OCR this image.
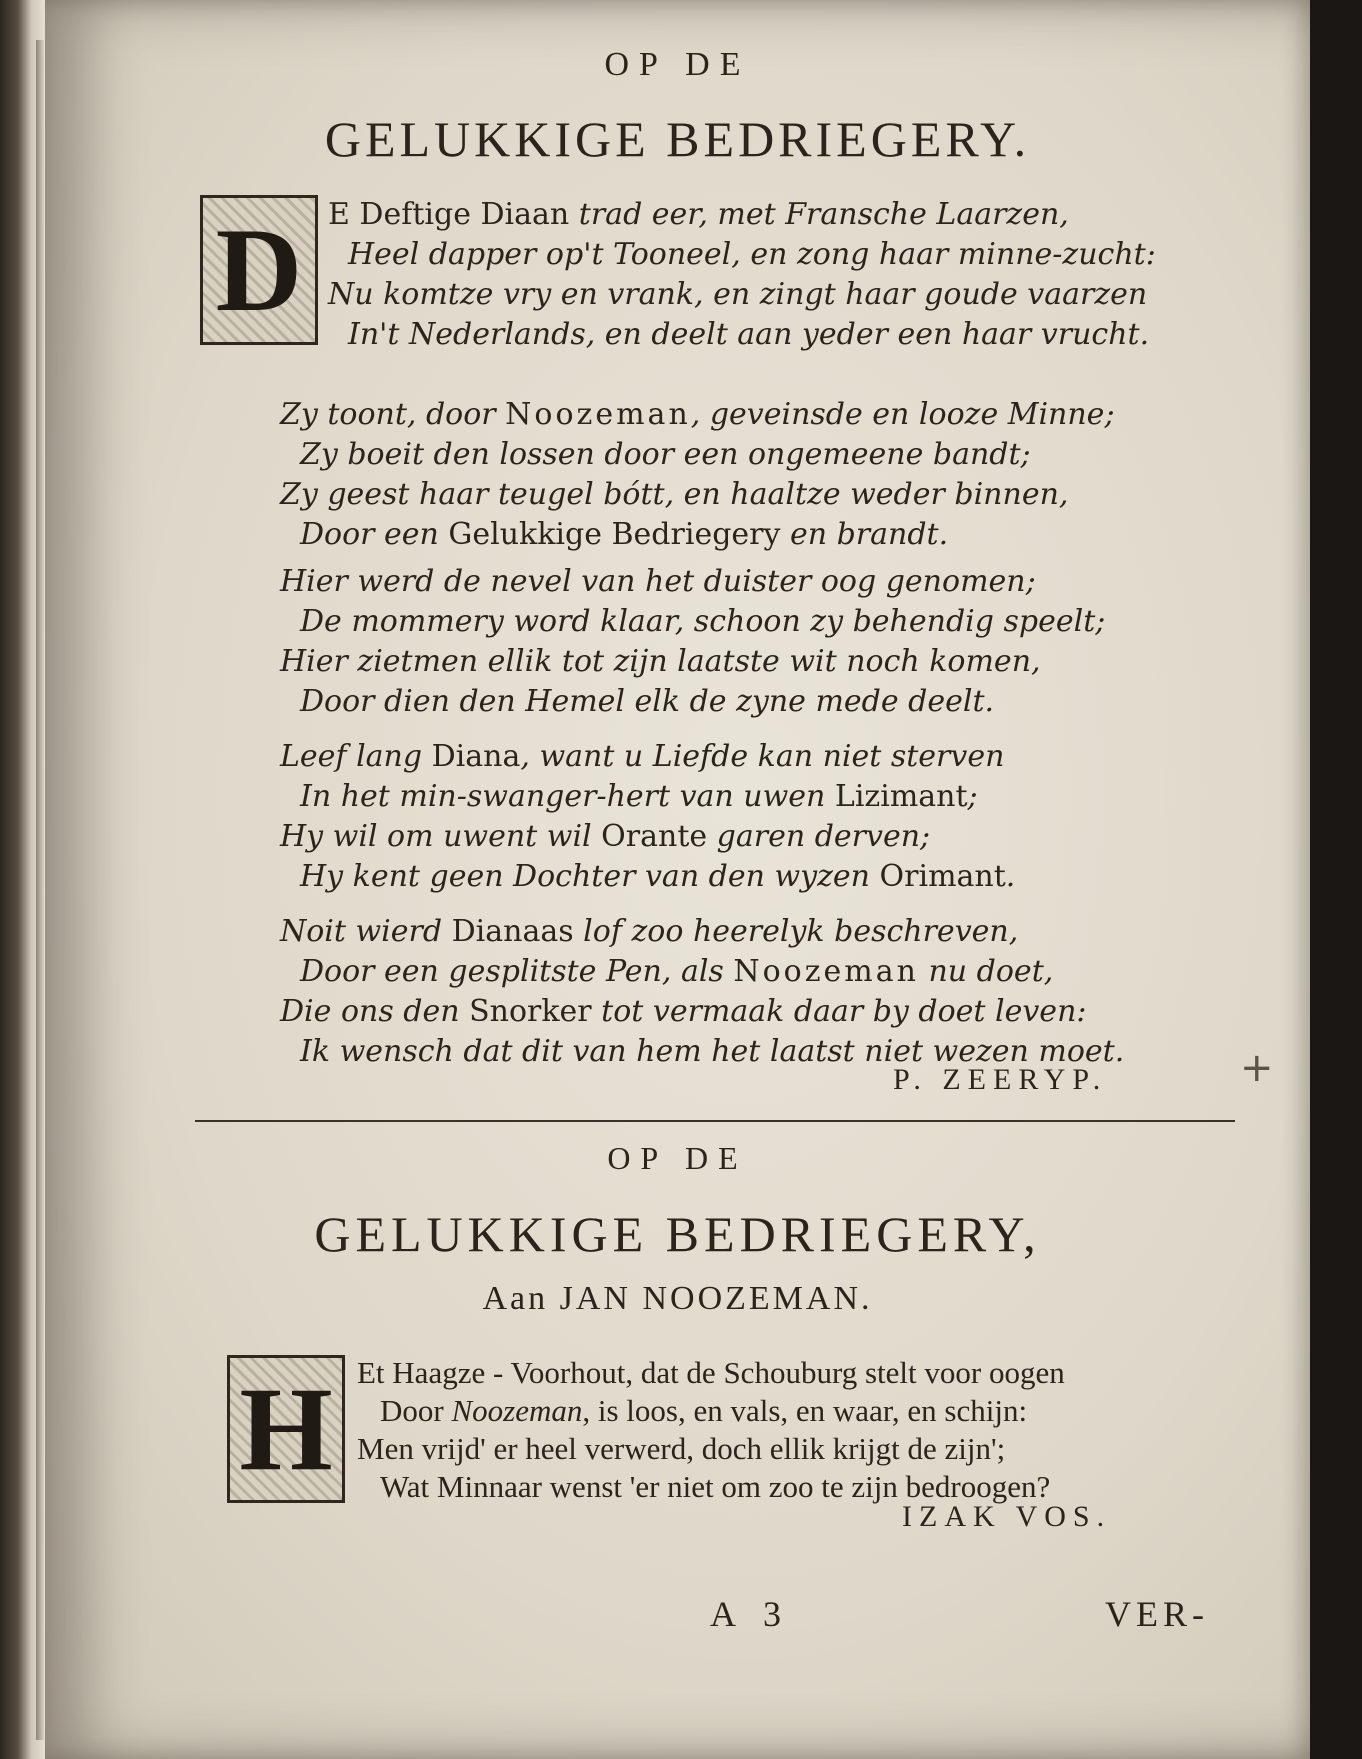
OP DE
GELUKKIGE BEDRIEGERY.
D E Deftige Diaan trad eer, met Fransche Laarzen,
Heel dapper op't Tooneel, en zong haar minne-zucht:
Nu komtze vry en vrank, en zingt haar goude vaarzen
In't Nederlands, en deelt aan yeder een haar vrucht.
Zy toont, door Noozeman, geveinsde en looze Minne;
Zy boeit den lossen door een ongemeene bandt;
Zy geest haar teugel bótt, en haaltze weder binnen,
Door een Gelukkige Bedriegery en brandt.
Hier werd de nevel van het duister oog genomen;
De mommery word klaar, schoon zy behendig speelt;
Hier zietmen ellik tot zijn laatste wit noch komen,
Door dien den Hemel elk de zyne mede deelt.
Leef lang Diana, want u Liefde kan niet sterven
In het min-swanger-hert van uwen Lizimant;
Hy wil om uwent wil Orante garen derven;
Hy kent geen Dochter van den wyzen Orimant.
Noit wierd Dianaas lof zoo heerelyk beschreven,
Door een gesplitste Pen, als Noozeman nu doet,
Die ons den Snorker tot vermaak daar by doet leven:
Ik wensch dat dit van hem het laatst niet wezen moet.
P. ZEERYP.	+
OP DE
GELUKKIGE BEDRIEGERY,
Aan JAN NOOZEMAN.
H Et Haagze - Voorhout, dat de Schouburg stelt voor oogen
Door Noozeman, is loos, en vals, en waar, en schijn:
Men vrijd' er heel verwerd, doch ellik krijgt de zijn';
Wat Minnaar wenst 'er niet om zoo te zijn bedroogen?
IZAK VOS.
A 3	VER-
